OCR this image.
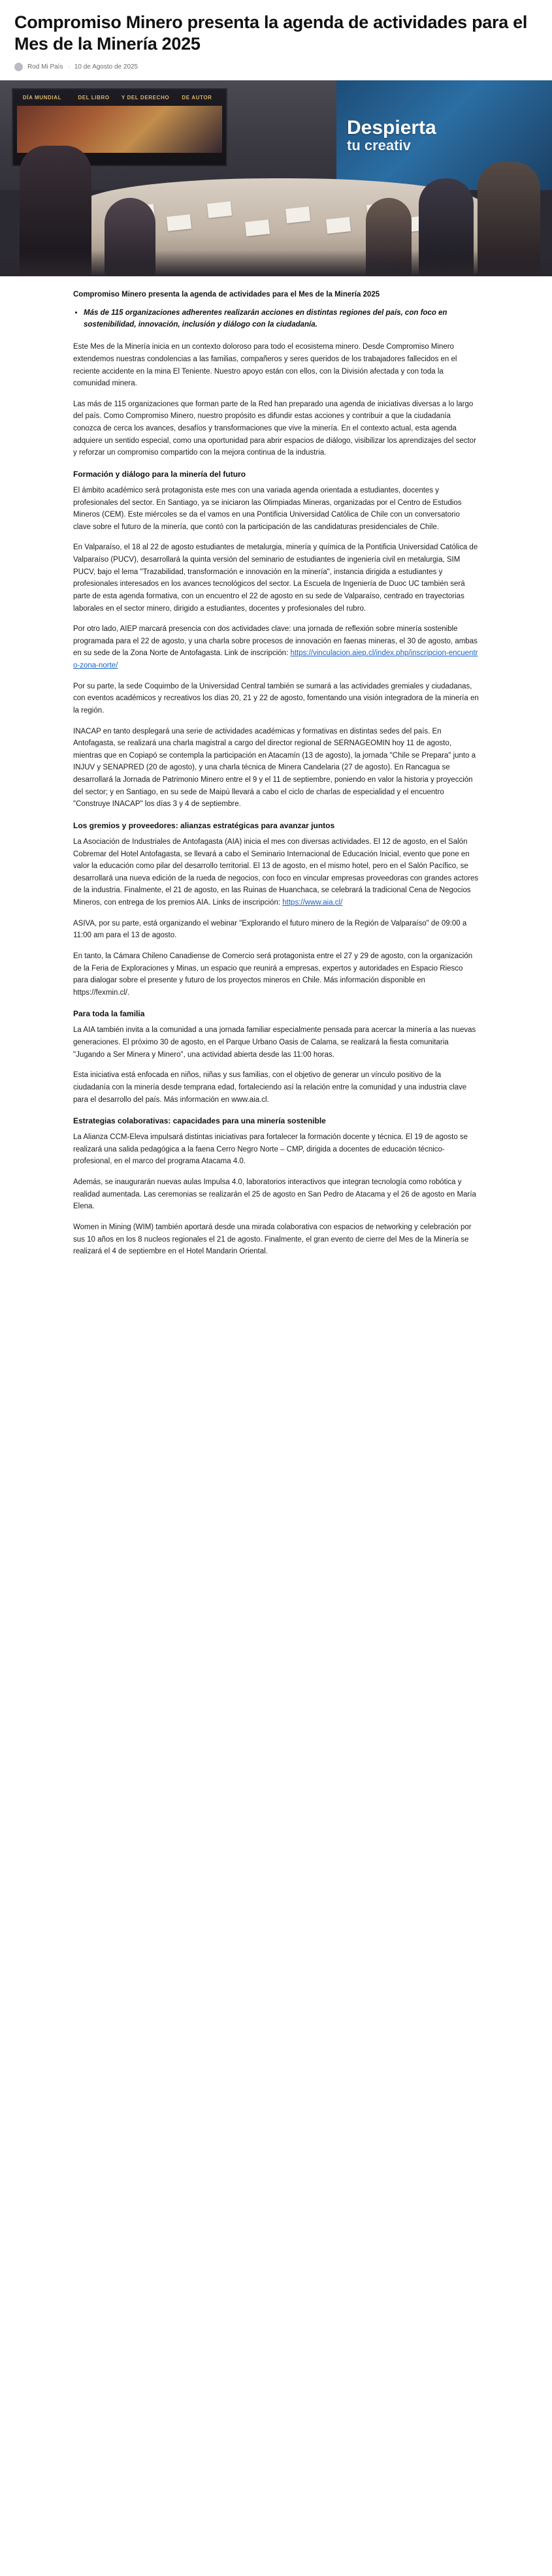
Compromiso Minero presenta la agenda de actividades para el Mes de la Minería 2025
Rod Mi País · 10 de Agosto de 2025
DÍA MUNDIAL	DEL LIBRO	Y DEL DERECHO	DE AUTOR
Despierta
tu creativ

Compromiso Minero presenta la agenda de actividades para el Mes de la Minería 2025

• Más de 115 organizaciones adherentes realizarán acciones en distintas regiones del país, con foco en sostenibilidad, innovación, inclusión y diálogo con la ciudadanía.

Este Mes de la Minería inicia en un contexto doloroso para todo el ecosistema minero. Desde Compromiso Minero extendemos nuestras condolencias a las familias, compañeros y seres queridos de los trabajadores fallecidos en el reciente accidente en la mina El Teniente. Nuestro apoyo están con ellos, con la División afectada y con toda la comunidad minera.

Las más de 115 organizaciones que forman parte de la Red han preparado una agenda de iniciativas diversas a lo largo del país. Como Compromiso Minero, nuestro propósito es difundir estas acciones y contribuir a que la ciudadanía conozca de cerca los avances, desafíos y transformaciones que vive la minería. En el contexto actual, esta agenda adquiere un sentido especial, como una oportunidad para abrir espacios de diálogo, visibilizar los aprendizajes del sector y reforzar un compromiso compartido con la mejora continua de la industria.

Formación y diálogo para la minería del futuro

El ámbito académico será protagonista este mes con una variada agenda orientada a estudiantes, docentes y profesionales del sector. En Santiago, ya se iniciaron las Olimpiadas Mineras, organizadas por el Centro de Estudios Mineros (CEM). Este miércoles se da el vamos en una Pontificia Universidad Católica de Chile con un conversatorio clave sobre el futuro de la minería, que contó con la participación de las candidaturas presidenciales de Chile.

En Valparaíso, el 18 al 22 de agosto estudiantes de metalurgia, minería y química de la Pontificia Universidad Católica de Valparaíso (PUCV), desarrollará la quinta versión del seminario de estudiantes de ingeniería civil en metalurgia, SIM PUCV, bajo el lema "Trazabilidad, transformación e innovación en la minería", instancia dirigida a estudiantes y profesionales interesados en los avances tecnológicos del sector. La Escuela de Ingeniería de Duoc UC también será parte de esta agenda formativa, con un encuentro el 22 de agosto en su sede de Valparaíso, centrado en trayectorias laborales en el sector minero, dirigido a estudiantes, docentes y profesionales del rubro.

Por otro lado, AIEP marcará presencia con dos actividades clave: una jornada de reflexión sobre minería sostenible programada para el 22 de agosto, y una charla sobre procesos de innovación en faenas mineras, el 30 de agosto, ambas en su sede de la Zona Norte de Antofagasta. Link de inscripción: https://vinculacion.aiep.cl/index.php/inscripcion-encuentro-zona-norte/

Por su parte, la sede Coquimbo de la Universidad Central también se sumará a las actividades gremiales y ciudadanas, con eventos académicos y recreativos los días 20, 21 y 22 de agosto, fomentando una visión integradora de la minería en la región.

INACAP en tanto desplegará una serie de actividades académicas y formativas en distintas sedes del país. En Antofagasta, se realizará una charla magistral a cargo del director regional de SERNAGEOMIN hoy 11 de agosto, mientras que en Copiapó se contempla la participación en Atacamín (13 de agosto), la jornada "Chile se Prepara" junto a INJUV y SENAPRED (20 de agosto), y una charla técnica de Minera Candelaria (27 de agosto). En Rancagua se desarrollará la Jornada de Patrimonio Minero entre el 9 y el 11 de septiembre, poniendo en valor la historia y proyección del sector; y en Santiago, en su sede de Maipú llevará a cabo el ciclo de charlas de especialidad y el encuentro "Construye INACAP" los días 3 y 4 de septiembre.

Los gremios y proveedores: alianzas estratégicas para avanzar juntos

La Asociación de Industriales de Antofagasta (AIA) inicia el mes con diversas actividades. El 12 de agosto, en el Salón Cobremar del Hotel Antofagasta, se llevará a cabo el Seminario Internacional de Educación Inicial, evento que pone en valor la educación como pilar del desarrollo territorial. El 13 de agosto, en el mismo hotel, pero en el Salón Pacífico, se desarrollará una nueva edición de la rueda de negocios, con foco en vincular empresas proveedoras con grandes actores de la industria. Finalmente, el 21 de agosto, en las Ruinas de Huanchaca, se celebrará la tradicional Cena de Negocios Mineros, con entrega de los premios AIA. Links de inscripción: https://www.aia.cl/

ASIVA, por su parte, está organizando el webinar "Explorando el futuro minero de la Región de Valparaíso" de 09:00 a 11:00 am para el 13 de agosto.

En tanto, la Cámara Chileno Canadiense de Comercio será protagonista entre el 27 y 29 de agosto, con la organización de la Feria de Exploraciones y Minas, un espacio que reunirá a empresas, expertos y autoridades en Espacio Riesco para dialogar sobre el presente y futuro de los proyectos mineros en Chile. Más información disponible en https://fexmin.cl/.

Para toda la familia

La AIA también invita a la comunidad a una jornada familiar especialmente pensada para acercar la minería a las nuevas generaciones. El próximo 30 de agosto, en el Parque Urbano Oasis de Calama, se realizará la fiesta comunitaria "Jugando a Ser Minera y Minero", una actividad abierta desde las 11:00 horas.

Esta iniciativa está enfocada en niños, niñas y sus familias, con el objetivo de generar un vínculo positivo de la ciudadanía con la minería desde temprana edad, fortaleciendo así la relación entre la comunidad y una industria clave para el desarrollo del país. Más información en www.aia.cl.

Estrategias colaborativas: capacidades para una minería sostenible

La Alianza CCM-Eleva impulsará distintas iniciativas para fortalecer la formación docente y técnica. El 19 de agosto se realizará una salida pedagógica a la faena Cerro Negro Norte – CMP, dirigida a docentes de educación técnico-profesional, en el marco del programa Atacama 4.0.

Además, se inaugurarán nuevas aulas Impulsa 4.0, laboratorios interactivos que integran tecnología como robótica y realidad aumentada. Las ceremonias se realizarán el 25 de agosto en San Pedro de Atacama y el 26 de agosto en María Elena.

Women in Mining (WIM) también aportará desde una mirada colaborativa con espacios de networking y celebración por sus 10 años en los 8 nucleos regionales el 21 de agosto. Finalmente, el gran evento de cierre del Mes de la Minería se realizará el 4 de septiembre en el Hotel Mandarin Oriental.
